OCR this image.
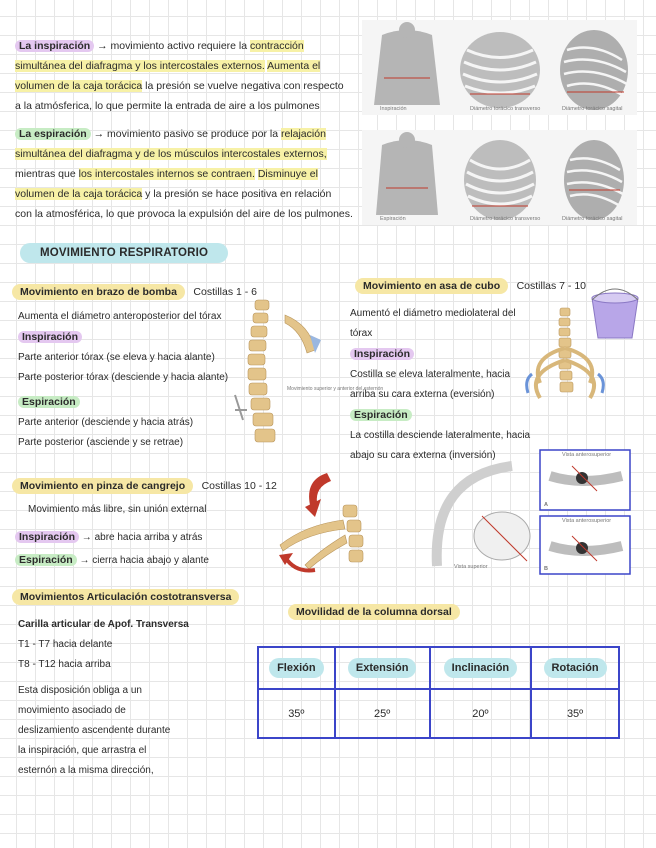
La inspiración → movimiento activo requiere la contracción
simultánea del diafragma y los intercostales externos. Aumenta el
volumen de la caja torácica la presión se vuelve negativa con respecto
a la atmósferica, lo que permite la entrada de aire a los pulmones
La espiración → movimiento pasivo se produce por la relajación
simultánea del diafragma y de los músculos intercostales externos,
mientras que los intercostales internos se contraen. Disminuye el
volumen de la caja torácica y la presión se hace positiva en relación
con la atmosférica, lo que provoca la expulsión del aire de los pulmones.
Inspiración	Diámetro torácico transverso	Diámetro torácico sagital
Espiración	Diámetro torácico transverso	Diámetro torácico sagital
MOVIMIENTO RESPIRATORIO
Movimiento en brazo de bomba Costillas 1 - 6
Aumenta el diámetro anteroposterior del tórax
Inspiración
Parte anterior tórax (se eleva y hacia alante)
Parte posterior tórax (desciende y hacia alante)
Espiración
Parte anterior (desciende y hacia atrás)
Parte posterior (asciende y se retrae)
Movimiento superior y anterior del esternón
Movimiento en asa de cubo Costillas 7 - 10
Aumentó el diámetro mediolateral del tórax
Inspiración
Costilla se eleva lateralmente, hacia
arriba su cara externa (eversión)
Espiración
La costilla desciende lateralmente, hacia
abajo su cara externa (inversión)
Movimiento en pinza de cangrejo Costillas 10 - 12
Movimiento más libre, sin unión external
Inspiración → abre hacia arriba y atrás
Espiración → cierra hacia abajo y alante
Vista anterosuperior
Vista anterosuperior
Vista superior
A
B
Movimientos Articulación costotransversa
Carilla articular de Apof. Transversa
T1 - T7 hacia delante
T8 - T12 hacia arriba
Esta disposición obliga a un
movimiento asociado de
deslizamiento ascendente durante
la inspiración, que arrastra el
esternón a la misma dirección,
Movilidad de la columna dorsal
Flexión	Extensión	Inclinación	Rotación
35º	25º	20º	35º
